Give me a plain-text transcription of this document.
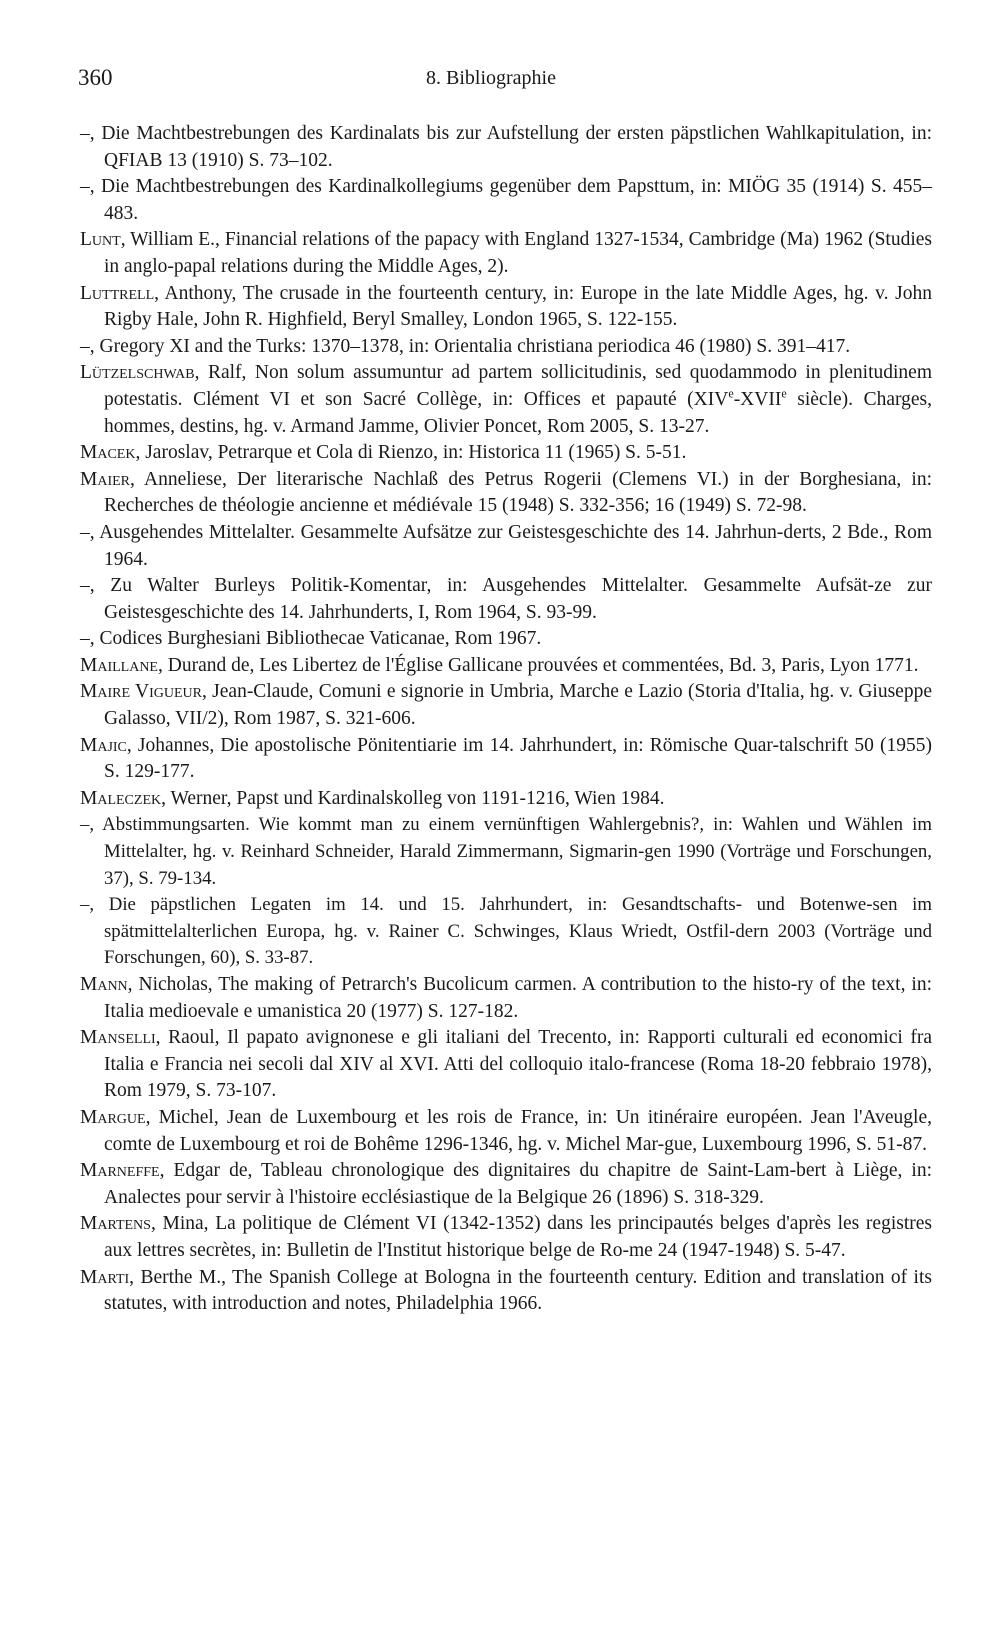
360	8. Bibliographie

–, Die Machtbestrebungen des Kardinalats bis zur Aufstellung der ersten päpstlichen Wahlkapitulation, in: QFIAB 13 (1910) S. 73–102.

–, Die Machtbestrebungen des Kardinalkollegiums gegenüber dem Papsttum, in: MIÖG 35 (1914) S. 455–483.

Lunt, William E., Financial relations of the papacy with England 1327-1534, Cambridge (Ma) 1962 (Studies in anglo-papal relations during the Middle Ages, 2).

Luttrell, Anthony, The crusade in the fourteenth century, in: Europe in the late Middle Ages, hg. v. John Rigby Hale, John R. Highfield, Beryl Smalley, London 1965, S. 122-155.

–, Gregory XI and the Turks: 1370–1378, in: Orientalia christiana periodica 46 (1980) S. 391–417.

Lützelschwab, Ralf, Non solum assumuntur ad partem sollicitudinis, sed quodammodo in plenitudinem potestatis. Clément VI et son Sacré Collège, in: Offices et papauté (XIVe-XVIIe siècle). Charges, hommes, destins, hg. v. Armand Jamme, Olivier Poncet, Rom 2005, S. 13-27.

Macek, Jaroslav, Petrarque et Cola di Rienzo, in: Historica 11 (1965) S. 5-51.

Maier, Anneliese, Der literarische Nachlaß des Petrus Rogerii (Clemens VI.) in der Borghesiana, in: Recherches de théologie ancienne et médiévale 15 (1948) S. 332-356; 16 (1949) S. 72-98.

–, Ausgehendes Mittelalter. Gesammelte Aufsätze zur Geistesgeschichte des 14. Jahrhun-derts, 2 Bde., Rom 1964.

–, Zu Walter Burleys Politik-Komentar, in: Ausgehendes Mittelalter. Gesammelte Aufsät-ze zur Geistesgeschichte des 14. Jahrhunderts, I, Rom 1964, S. 93-99.

–, Codices Burghesiani Bibliothecae Vaticanae, Rom 1967.

Maillane, Durand de, Les Libertez de l'Église Gallicane prouvées et commentées, Bd. 3, Paris, Lyon 1771.

Maire Vigueur, Jean-Claude, Comuni e signorie in Umbria, Marche e Lazio (Storia d'Italia, hg. v. Giuseppe Galasso, VII/2), Rom 1987, S. 321-606.

Majic, Johannes, Die apostolische Pönitentiarie im 14. Jahrhundert, in: Römische Quar-talschrift 50 (1955) S. 129-177.

Maleczek, Werner, Papst und Kardinalskolleg von 1191-1216, Wien 1984.

–, Abstimmungsarten. Wie kommt man zu einem vernünftigen Wahlergebnis?, in: Wahlen und Wählen im Mittelalter, hg. v. Reinhard Schneider, Harald Zimmermann, Sigmarin-gen 1990 (Vorträge und Forschungen, 37), S. 79-134.

–, Die päpstlichen Legaten im 14. und 15. Jahrhundert, in: Gesandtschafts- und Botenwe-sen im spätmittelalterlichen Europa, hg. v. Rainer C. Schwinges, Klaus Wriedt, Ostfil-dern 2003 (Vorträge und Forschungen, 60), S. 33-87.

Mann, Nicholas, The making of Petrarch's Bucolicum carmen. A contribution to the histo-ry of the text, in: Italia medioevale e umanistica 20 (1977) S. 127-182.

Manselli, Raoul, Il papato avignonese e gli italiani del Trecento, in: Rapporti culturali ed economici fra Italia e Francia nei secoli dal XIV al XVI. Atti del colloquio italo-francese (Roma 18-20 febbraio 1978), Rom 1979, S. 73-107.

Margue, Michel, Jean de Luxembourg et les rois de France, in: Un itinéraire européen. Jean l'Aveugle, comte de Luxembourg et roi de Bohême 1296-1346, hg. v. Michel Mar-gue, Luxembourg 1996, S. 51-87.

Marneffe, Edgar de, Tableau chronologique des dignitaires du chapitre de Saint-Lam-bert à Liège, in: Analectes pour servir à l'histoire ecclésiastique de la Belgique 26 (1896) S. 318-329.

Martens, Mina, La politique de Clément VI (1342-1352) dans les principautés belges d'après les registres aux lettres secrètes, in: Bulletin de l'Institut historique belge de Ro-me 24 (1947-1948) S. 5-47.

Marti, Berthe M., The Spanish College at Bologna in the fourteenth century. Edition and translation of its statutes, with introduction and notes, Philadelphia 1966.
